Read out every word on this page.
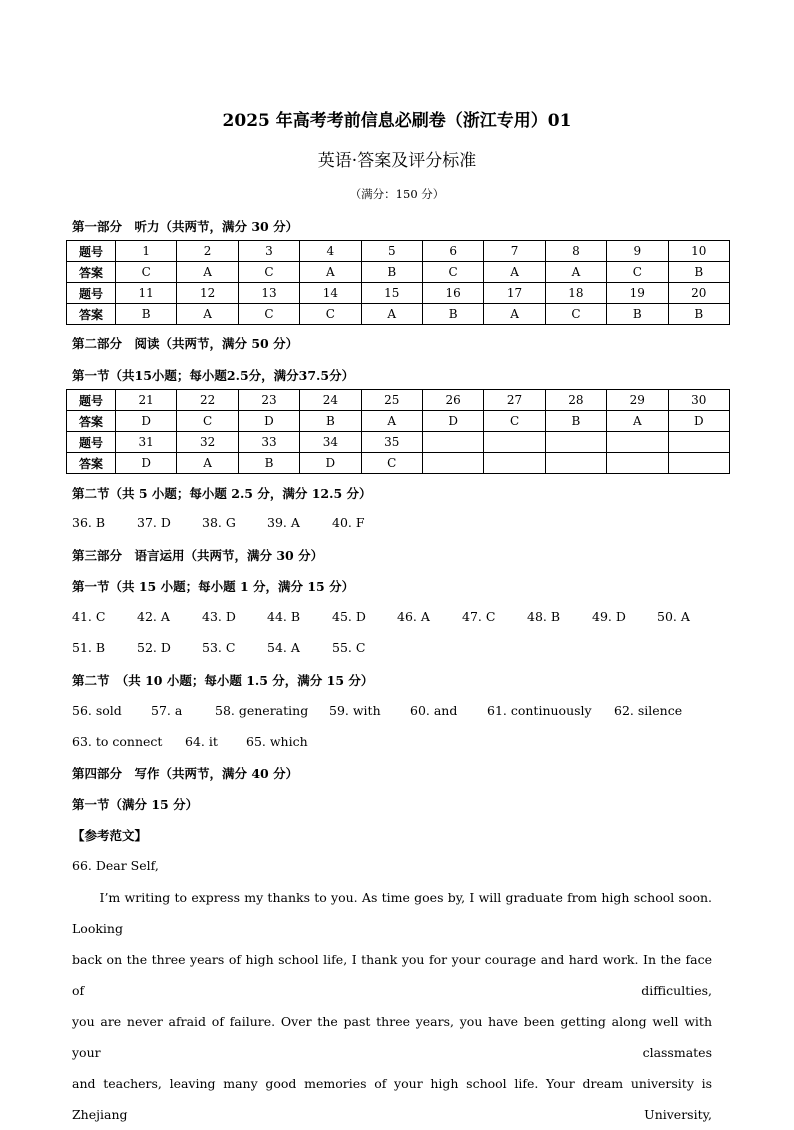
2025 年高考考前信息必刷卷（浙江专用）01
英语·答案及评分标准
（满分：150 分）
第一部分　听力（共两节，满分 30 分）
题号	1	2	3	4	5	6	7	8	9	10
答案	C	A	C	A	B	C	A	A	C	B
题号	11	12	13	14	15	16	17	18	19	20
答案	B	A	C	C	A	B	A	C	B	B
第二部分　阅读（共两节，满分 50 分）
第一节（共15小题；每小题2.5分，满分37.5分）
题号	21	22	23	24	25	26	27	28	29	30
答案	D	C	D	B	A	D	C	B	A	D
题号	31	32	33	34	35					
答案	D	A	B	D	C					
第二节（共 5 小题；每小题 2.5 分，满分 12.5 分）
36. B	37. D 38. G 39. A	40. F
第三部分　语言运用（共两节，满分 30 分）
第一节（共 15 小题；每小题 1 分，满分 15 分）
41. C	42. A	43. D 44. B	45. D 46. A	47. C	48. B	49. D 50. A
51. B	52. D 53. C	54. A	55. C
第二节　（共 10 小题；每小题 1.5 分，满分 15 分）
56. sold 57. a	58. generating 59. with 60. and 61. continuously 62. silence
63. to connect 64. it 65. which
第四部分　写作（共两节，满分 40 分）
第一节（满分 15 分）
【参考范文】
66. Dear Self,

I’m writing to express my thanks to you. As time goes by, I will graduate from high school soon. Looking

back on the three years of high school life, I thank you for your courage and hard work. In the face of difficulties,

you are never afraid of failure. Over the past three years, you have been getting along well with your classmates

and teachers, leaving many good memories of your high school life. Your dream university is Zhejiang University,
